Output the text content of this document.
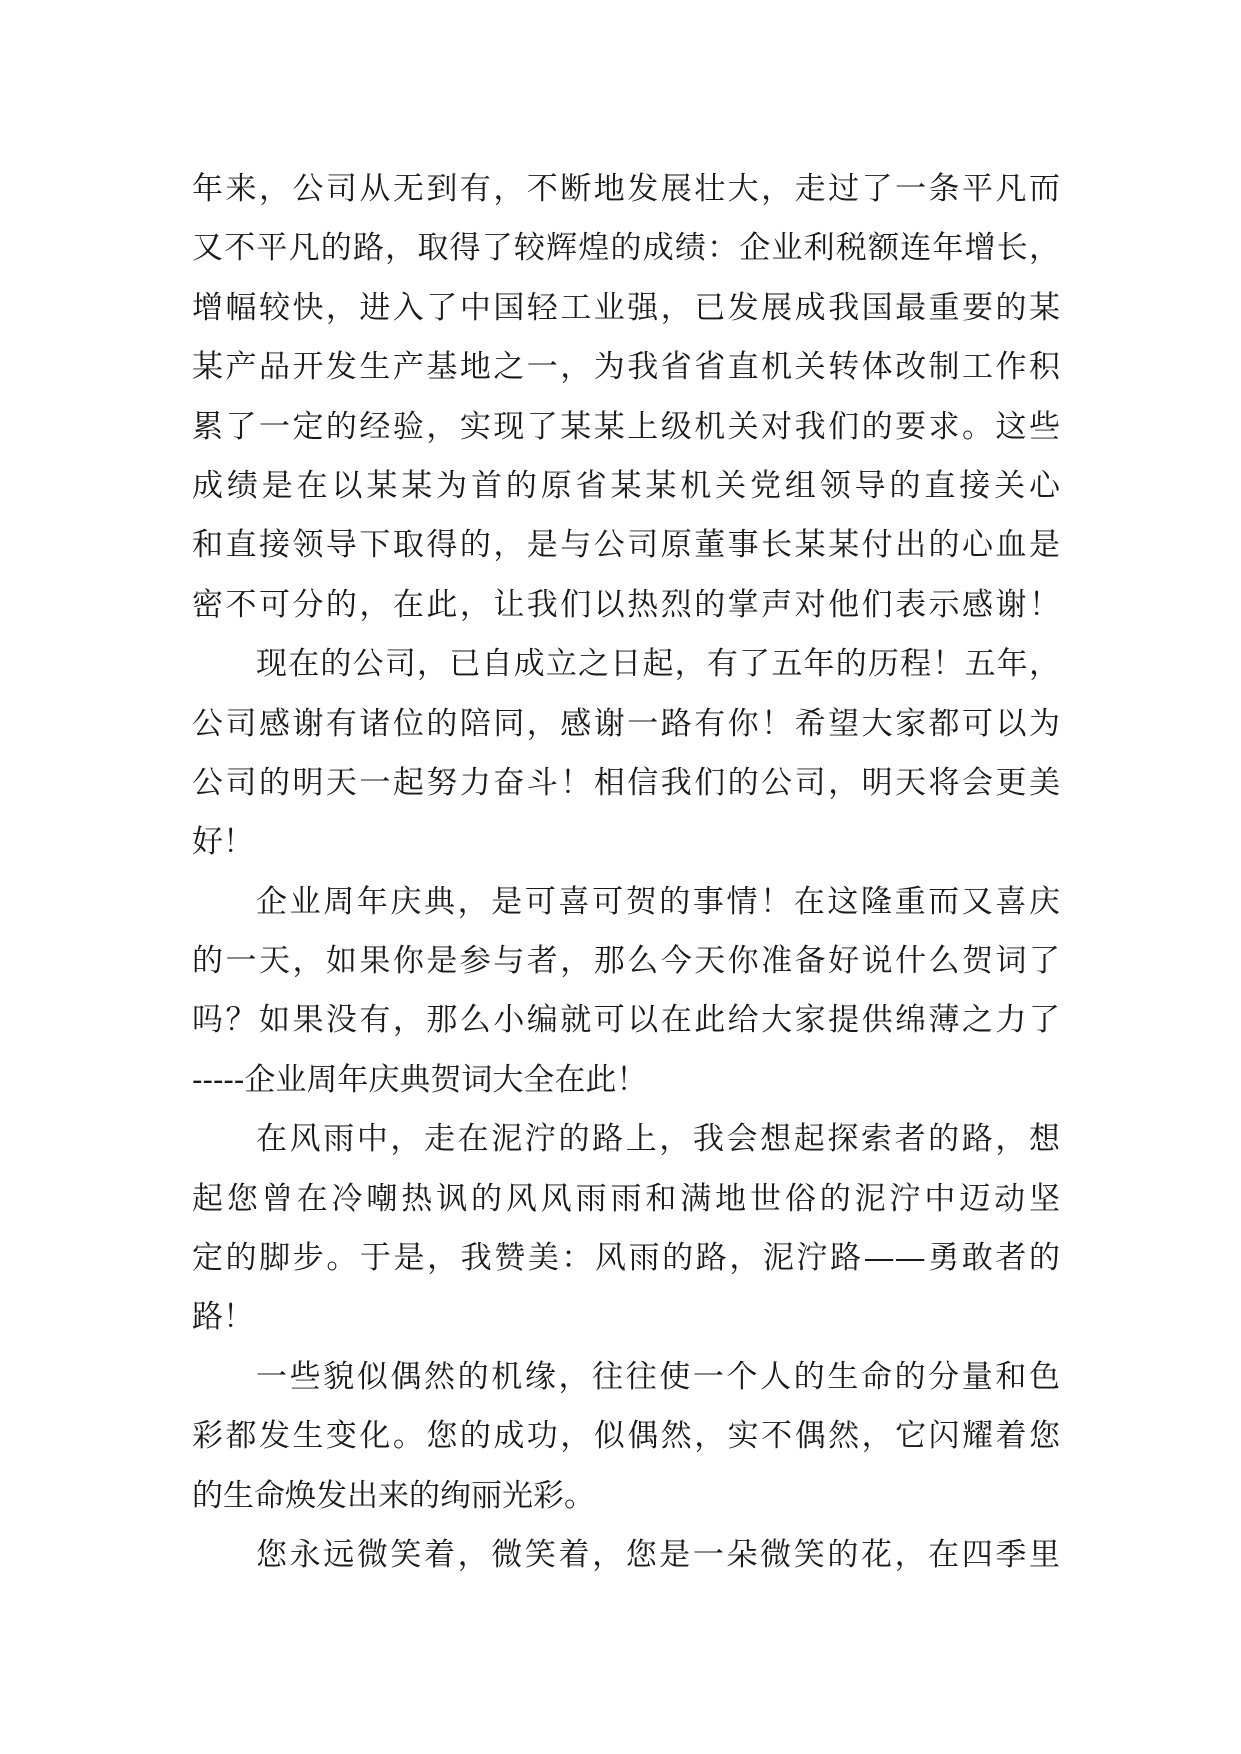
年来，公司从无到有，不断地发展壮大，走过了一条平凡而
又不平凡的路，取得了较辉煌的成绩：企业利税额连年增长，
增幅较快，进入了中国轻工业强，已发展成我国最重要的某
某产品开发生产基地之一，为我省省直机关转体改制工作积
累了一定的经验，实现了某某上级机关对我们的要求。这些
成绩是在以某某为首的原省某某机关党组领导的直接关心
和直接领导下取得的，是与公司原董事长某某付出的心血是
密不可分的，在此，让我们以热烈的掌声对他们表示感谢！
现在的公司，已自成立之日起，有了五年的历程！五年，
公司感谢有诸位的陪同，感谢一路有你！希望大家都可以为
公司的明天一起努力奋斗！相信我们的公司，明天将会更美
好！
企业周年庆典，是可喜可贺的事情！在这隆重而又喜庆
的一天，如果你是参与者，那么今天你准备好说什么贺词了
吗？如果没有，那么小编就可以在此给大家提供绵薄之力了
-----企业周年庆典贺词大全在此！
在风雨中，走在泥泞的路上，我会想起探索者的路，想
起您曾在冷嘲热讽的风风雨雨和满地世俗的泥泞中迈动坚
定的脚步。于是，我赞美：风雨的路，泥泞路——勇敢者的
路！
一些貌似偶然的机缘，往往使一个人的生命的分量和色
彩都发生变化。您的成功，似偶然，实不偶然，它闪耀着您
的生命焕发出来的绚丽光彩。
您永远微笑着，微笑着，您是一朵微笑的花，在四季里
